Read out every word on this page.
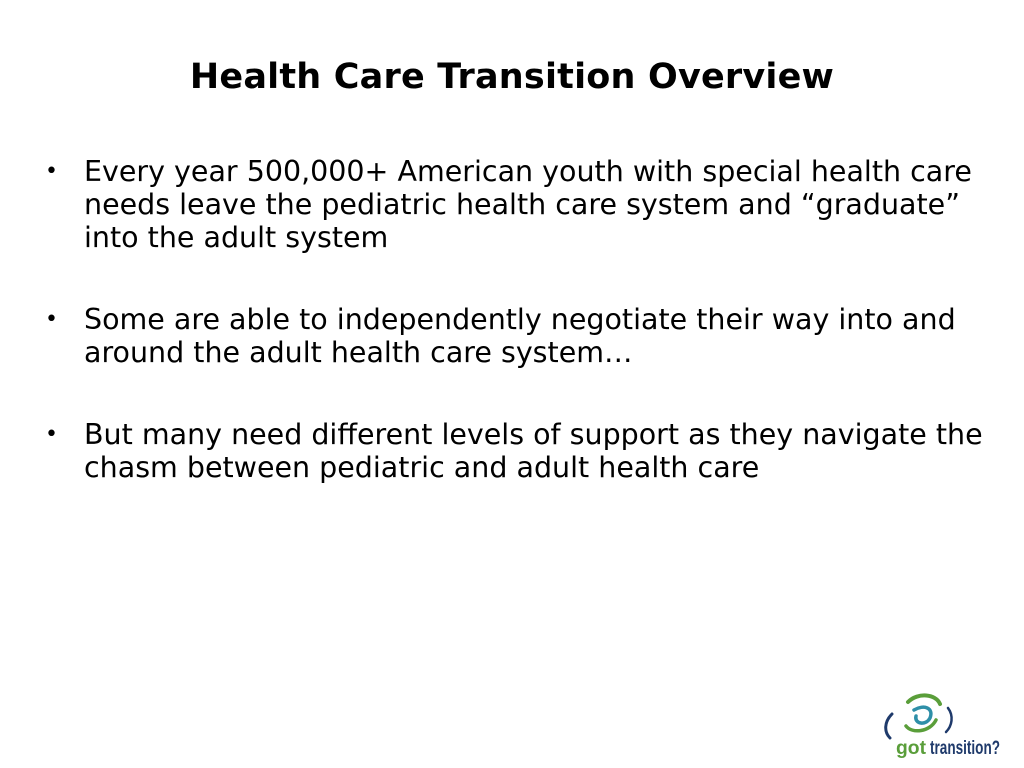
Health Care Transition Overview
• Every year 500,000+ American youth with special health care needs leave the pediatric health care system and “graduate” into the adult system
• Some are able to independently negotiate their way into and around the adult health care system…
• But many need different levels of support as they navigate the chasm between pediatric and adult health care
got transition?
